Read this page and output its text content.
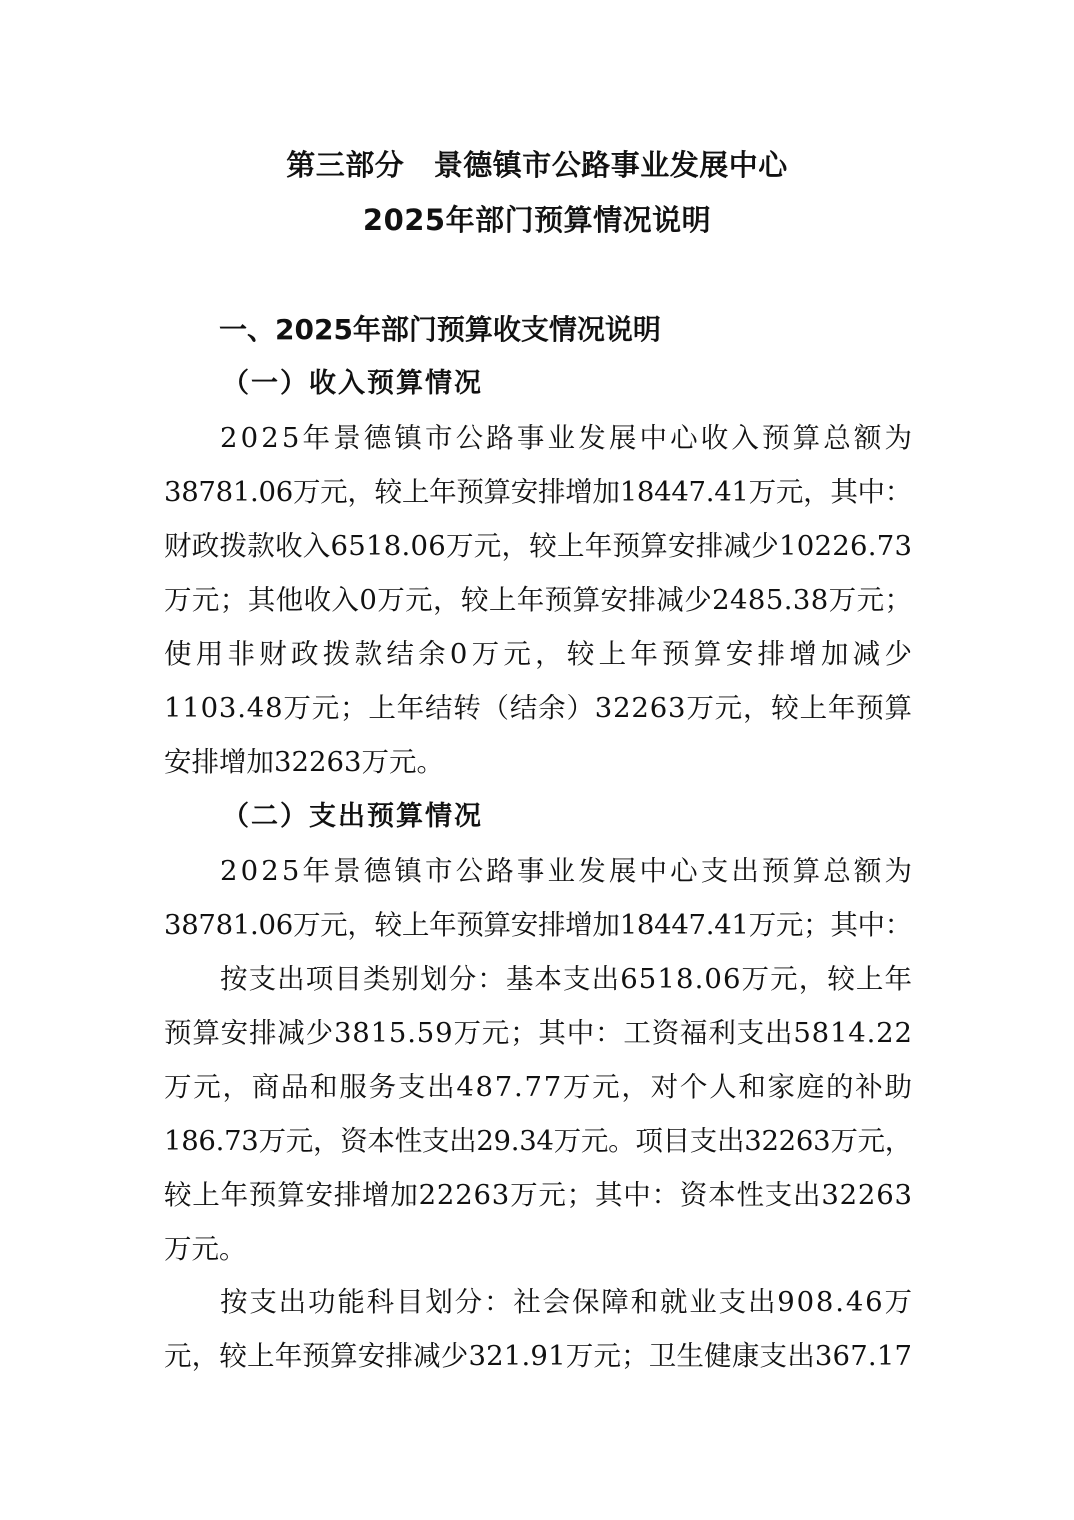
第三部分　景德镇市公路事业发展中心
2025年部门预算情况说明
一、2025年部门预算收支情况说明
（一）收入预算情况
2025年景德镇市公路事业发展中心收入预算总额为
38781.06万元，较上年预算安排增加18447.41万元，其中：
财政拨款收入6518.06万元，较上年预算安排减少10226.73
万元；其他收入0万元，较上年预算安排减少2485.38万元；
使用非财政拨款结余0万元，较上年预算安排增加减少
1103.48万元；上年结转（结余）32263万元，较上年预算
安排增加32263万元。
（二）支出预算情况
2025年景德镇市公路事业发展中心支出预算总额为
38781.06万元，较上年预算安排增加18447.41万元；其中：
按支出项目类别划分：基本支出6518.06万元，较上年
预算安排减少3815.59万元；其中：工资福利支出5814.22
万元，商品和服务支出487.77万元，对个人和家庭的补助
186.73万元，资本性支出29.34万元。项目支出32263万元，
较上年预算安排增加22263万元；其中：资本性支出32263
万元。
按支出功能科目划分：社会保障和就业支出908.46万
元，较上年预算安排减少321.91万元；卫生健康支出367.17
